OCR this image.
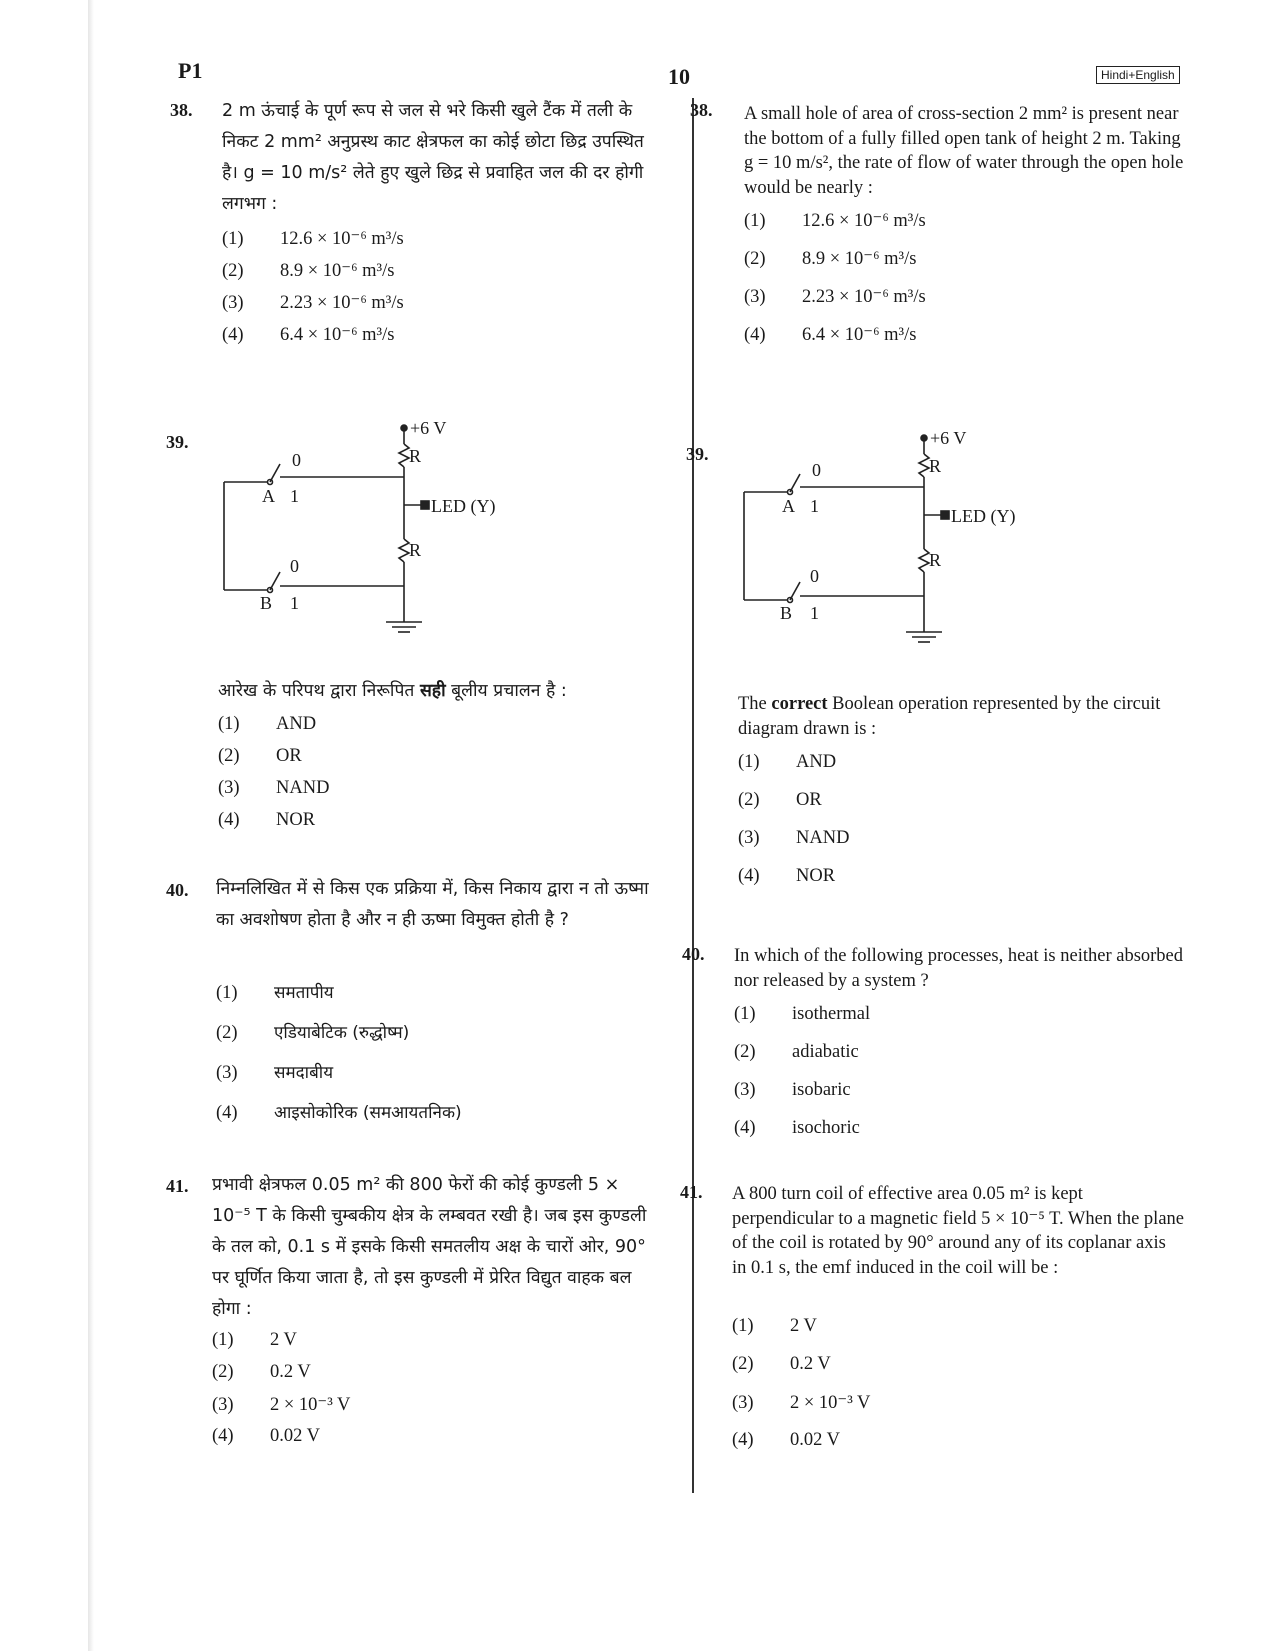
P1	10	Hindi+English
38. 2 m ऊंचाई के पूर्ण रूप से जल से भरे किसी खुले टैंक में तली के निकट 2 mm² अनुप्रस्थ काट क्षेत्रफल का कोई छोटा छिद्र उपस्थित है। g = 10 m/s² लेते हुए खुले छिद्र से प्रवाहित जल की दर होगी लगभग :
(1) 12.6 × 10⁻⁶ m³/s
(2) 8.9 × 10⁻⁶ m³/s
(3) 2.23 × 10⁻⁶ m³/s
(4) 6.4 × 10⁻⁶ m³/s
39.
+6 V
R
LED (Y)
R
0
A 1
0
B 1
आरेख के परिपथ द्वारा निरूपित सही बूलीय प्रचालन है :
(1) AND
(2) OR
(3) NAND
(4) NOR
40. निम्नलिखित में से किस एक प्रक्रिया में, किस निकाय द्वारा न तो ऊष्मा का अवशोषण होता है और न ही ऊष्मा विमुक्त होती है ?
(1) समतापीय
(2) एडियाबेटिक (रुद्धोष्म)
(3) समदाबीय
(4) आइसोकोरिक (समआयतनिक)
41. प्रभावी क्षेत्रफल 0.05 m² की 800 फेरों की कोई कुण्डली 5 × 10⁻⁵ T के किसी चुम्बकीय क्षेत्र के लम्बवत रखी है। जब इस कुण्डली के तल को, 0.1 s में इसके किसी समतलीय अक्ष के चारों ओर, 90° पर घूर्णित किया जाता है, तो इस कुण्डली में प्रेरित विद्युत वाहक बल होगा :
(1) 2 V
(2) 0.2 V
(3) 2 × 10⁻³ V
(4) 0.02 V
38. A small hole of area of cross-section 2 mm² is present near the bottom of a fully filled open tank of height 2 m. Taking g = 10 m/s², the rate of flow of water through the open hole would be nearly :
(1) 12.6 × 10⁻⁶ m³/s
(2) 8.9 × 10⁻⁶ m³/s
(3) 2.23 × 10⁻⁶ m³/s
(4) 6.4 × 10⁻⁶ m³/s
39.
+6 V
R
LED (Y)
R
0
A 1
0
B 1
The correct Boolean operation represented by the circuit diagram drawn is :
(1) AND
(2) OR
(3) NAND
(4) NOR
40. In which of the following processes, heat is neither absorbed nor released by a system ?
(1) isothermal
(2) adiabatic
(3) isobaric
(4) isochoric
41. A 800 turn coil of effective area 0.05 m² is kept perpendicular to a magnetic field 5 × 10⁻⁵ T. When the plane of the coil is rotated by 90° around any of its coplanar axis in 0.1 s, the emf induced in the coil will be :
(1) 2 V
(2) 0.2 V
(3) 2 × 10⁻³ V
(4) 0.02 V
